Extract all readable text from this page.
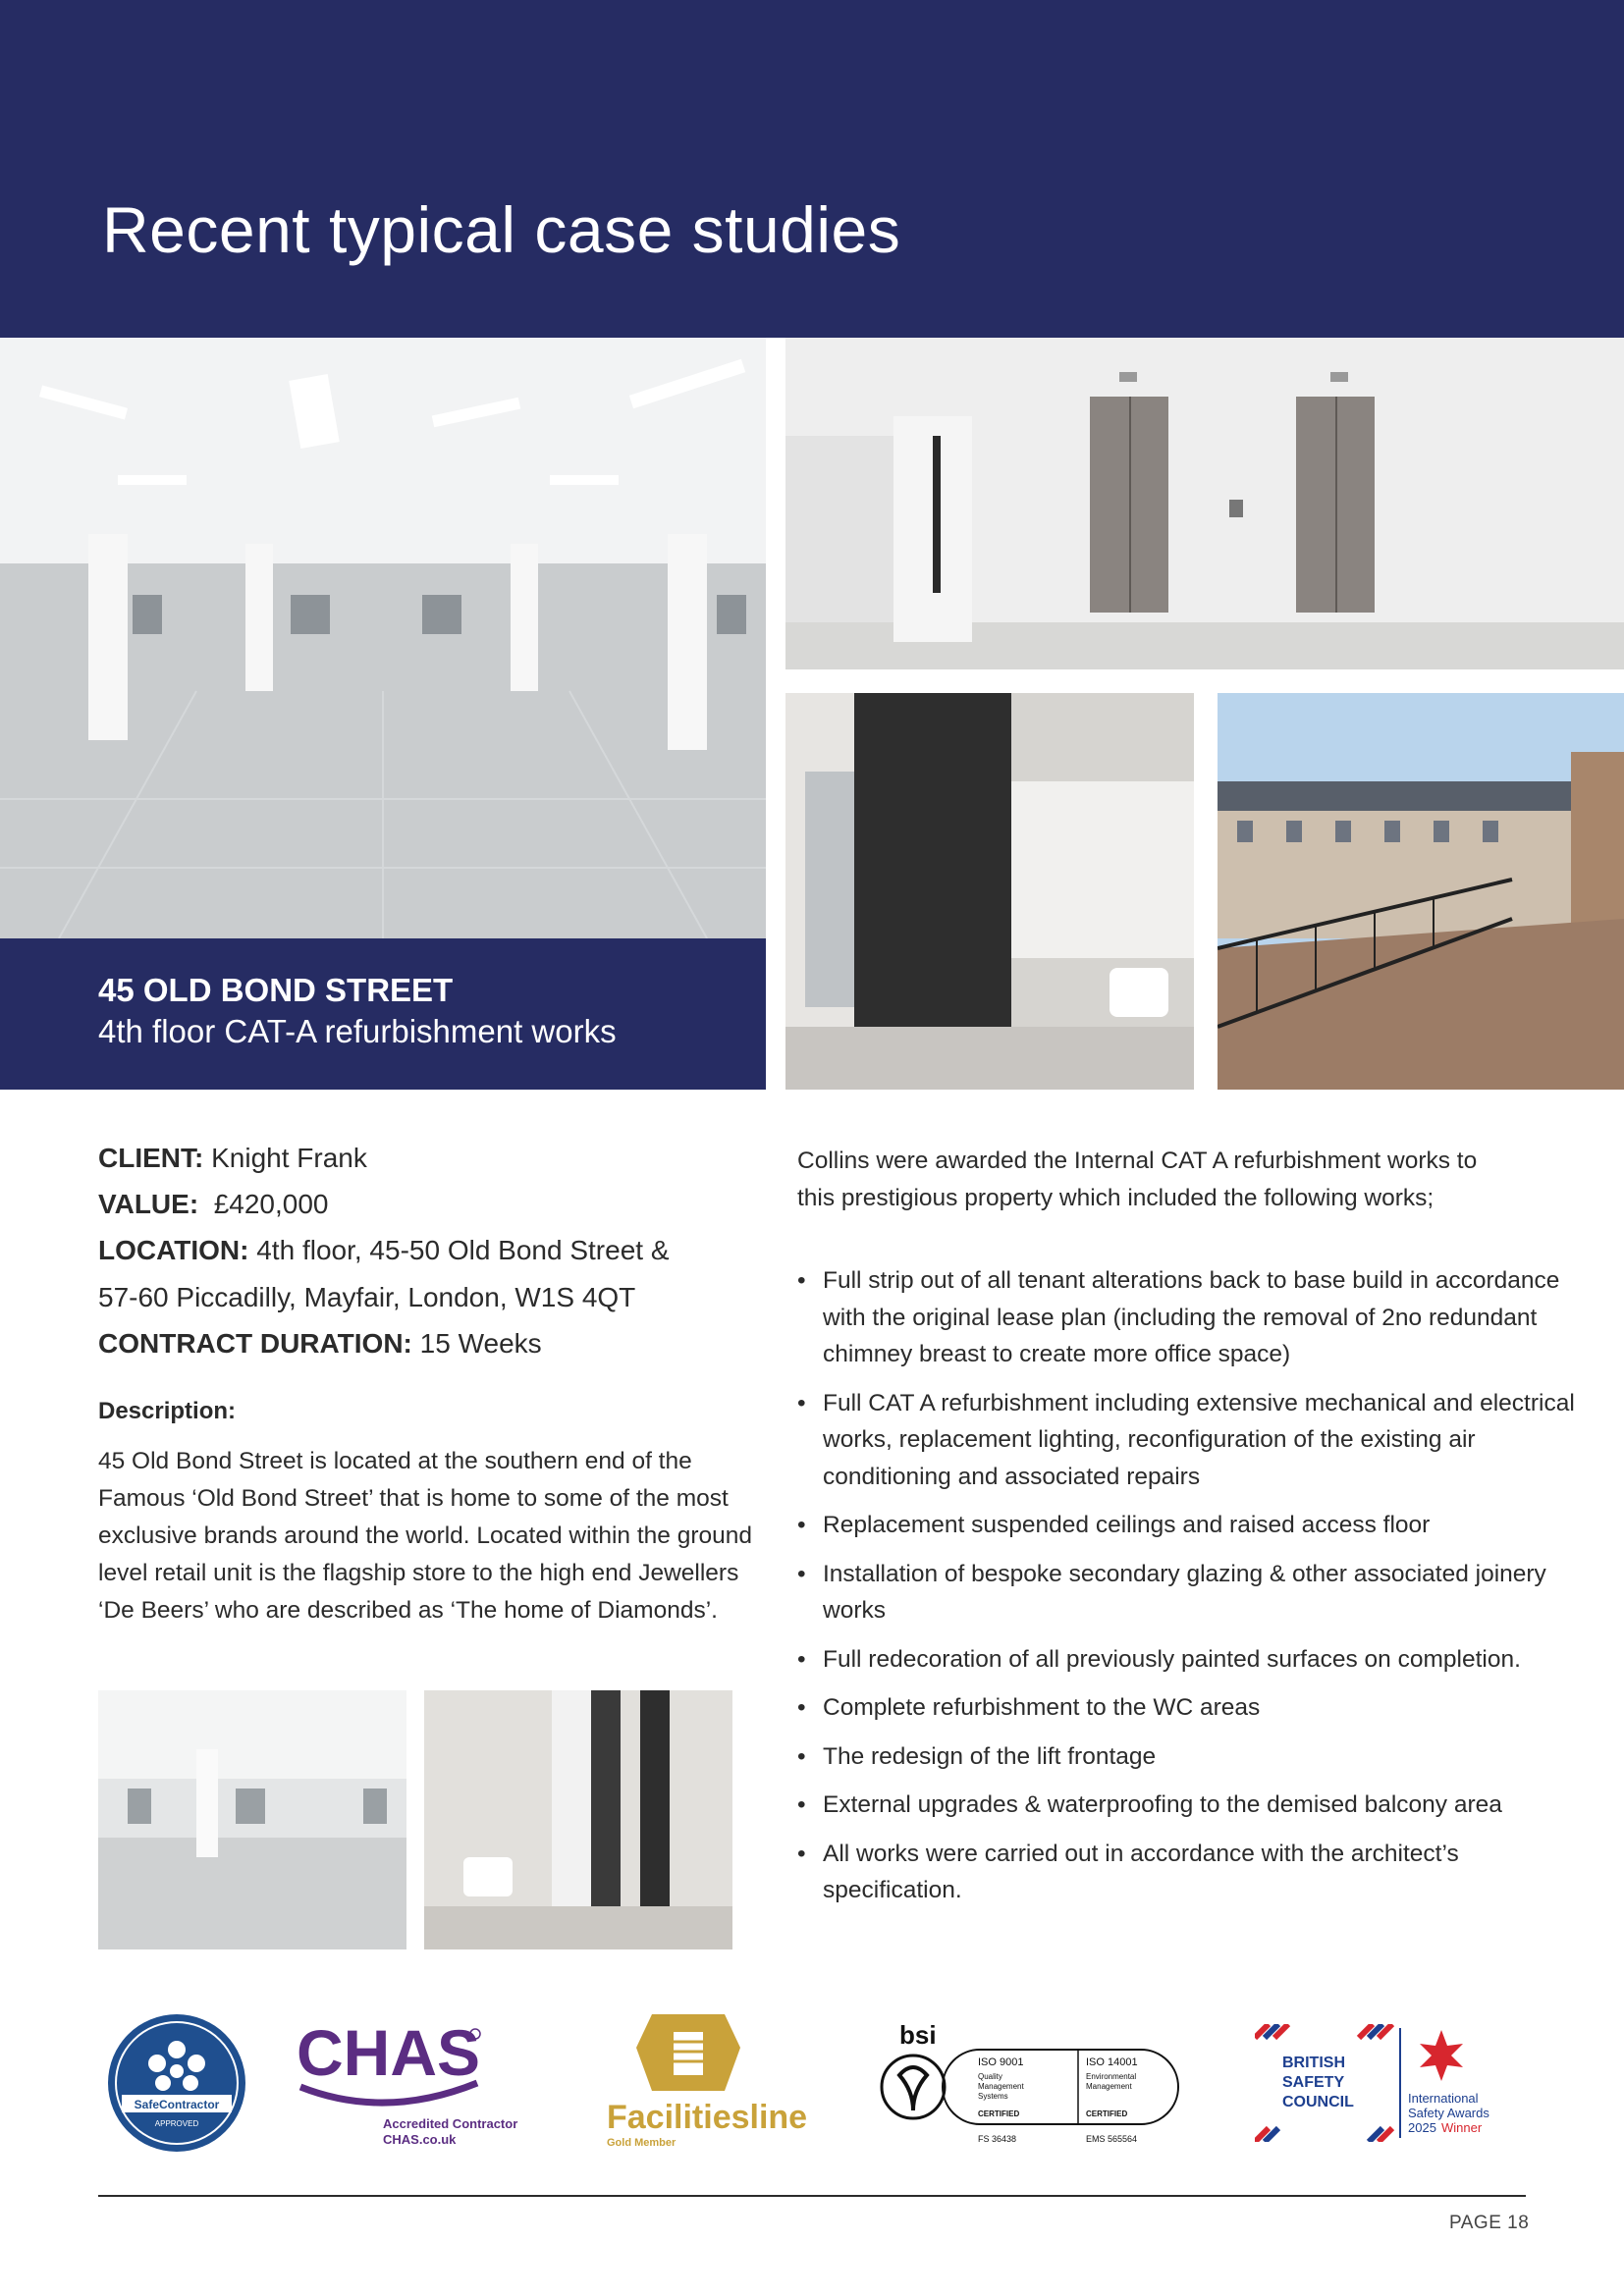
Recent typical case studies
45 OLD BOND STREET
4th floor CAT-A refurbishment works
CLIENT: Knight Frank
VALUE: £420,000
LOCATION: 4th floor, 45-50 Old Bond Street &
57-60 Piccadilly, Mayfair, London, W1S 4QT
CONTRACT DURATION: 15 Weeks
Description:

45 Old Bond Street is located at the southern end of the Famous ‘Old Bond Street’ that is home to some of the most exclusive brands around the world. Located within the ground level retail unit is the flagship store to the high end Jewellers ‘De Beers’ who are described as ‘The home of Diamonds’.

Collins were awarded the Internal CAT A refurbishment works to this prestigious property which included the following works;

• Full strip out of all tenant alterations back to base build in accordance with the original lease plan (including the removal of 2no redundant chimney breast to create more office space)
• Full CAT A refurbishment including extensive mechanical and electrical works, replacement lighting, reconfiguration of the existing air conditioning and associated repairs
• Replacement suspended ceilings and raised access floor
• Installation of bespoke secondary glazing & other associated joinery works
• Full redecoration of all previously painted surfaces on completion.
• Complete refurbishment to the WC areas
• The redesign of the lift frontage
• External upgrades & waterproofing to the demised balcony area
• All works were carried out in accordance with the architect’s specification.
SafeContractor
APPROVED
CHAS
Accredited Contractor
CHAS.co.uk
Facilitiesline
Gold Member
bsi
ISO 9001
Quality
Management
Systems
CERTIFIED
ISO 14001
Environmental
Management
CERTIFIED
FS 36438	EMS 565564
BRITISH
SAFETY
COUNCIL	International
Safety Awards
2025 Winner
PAGE 18
